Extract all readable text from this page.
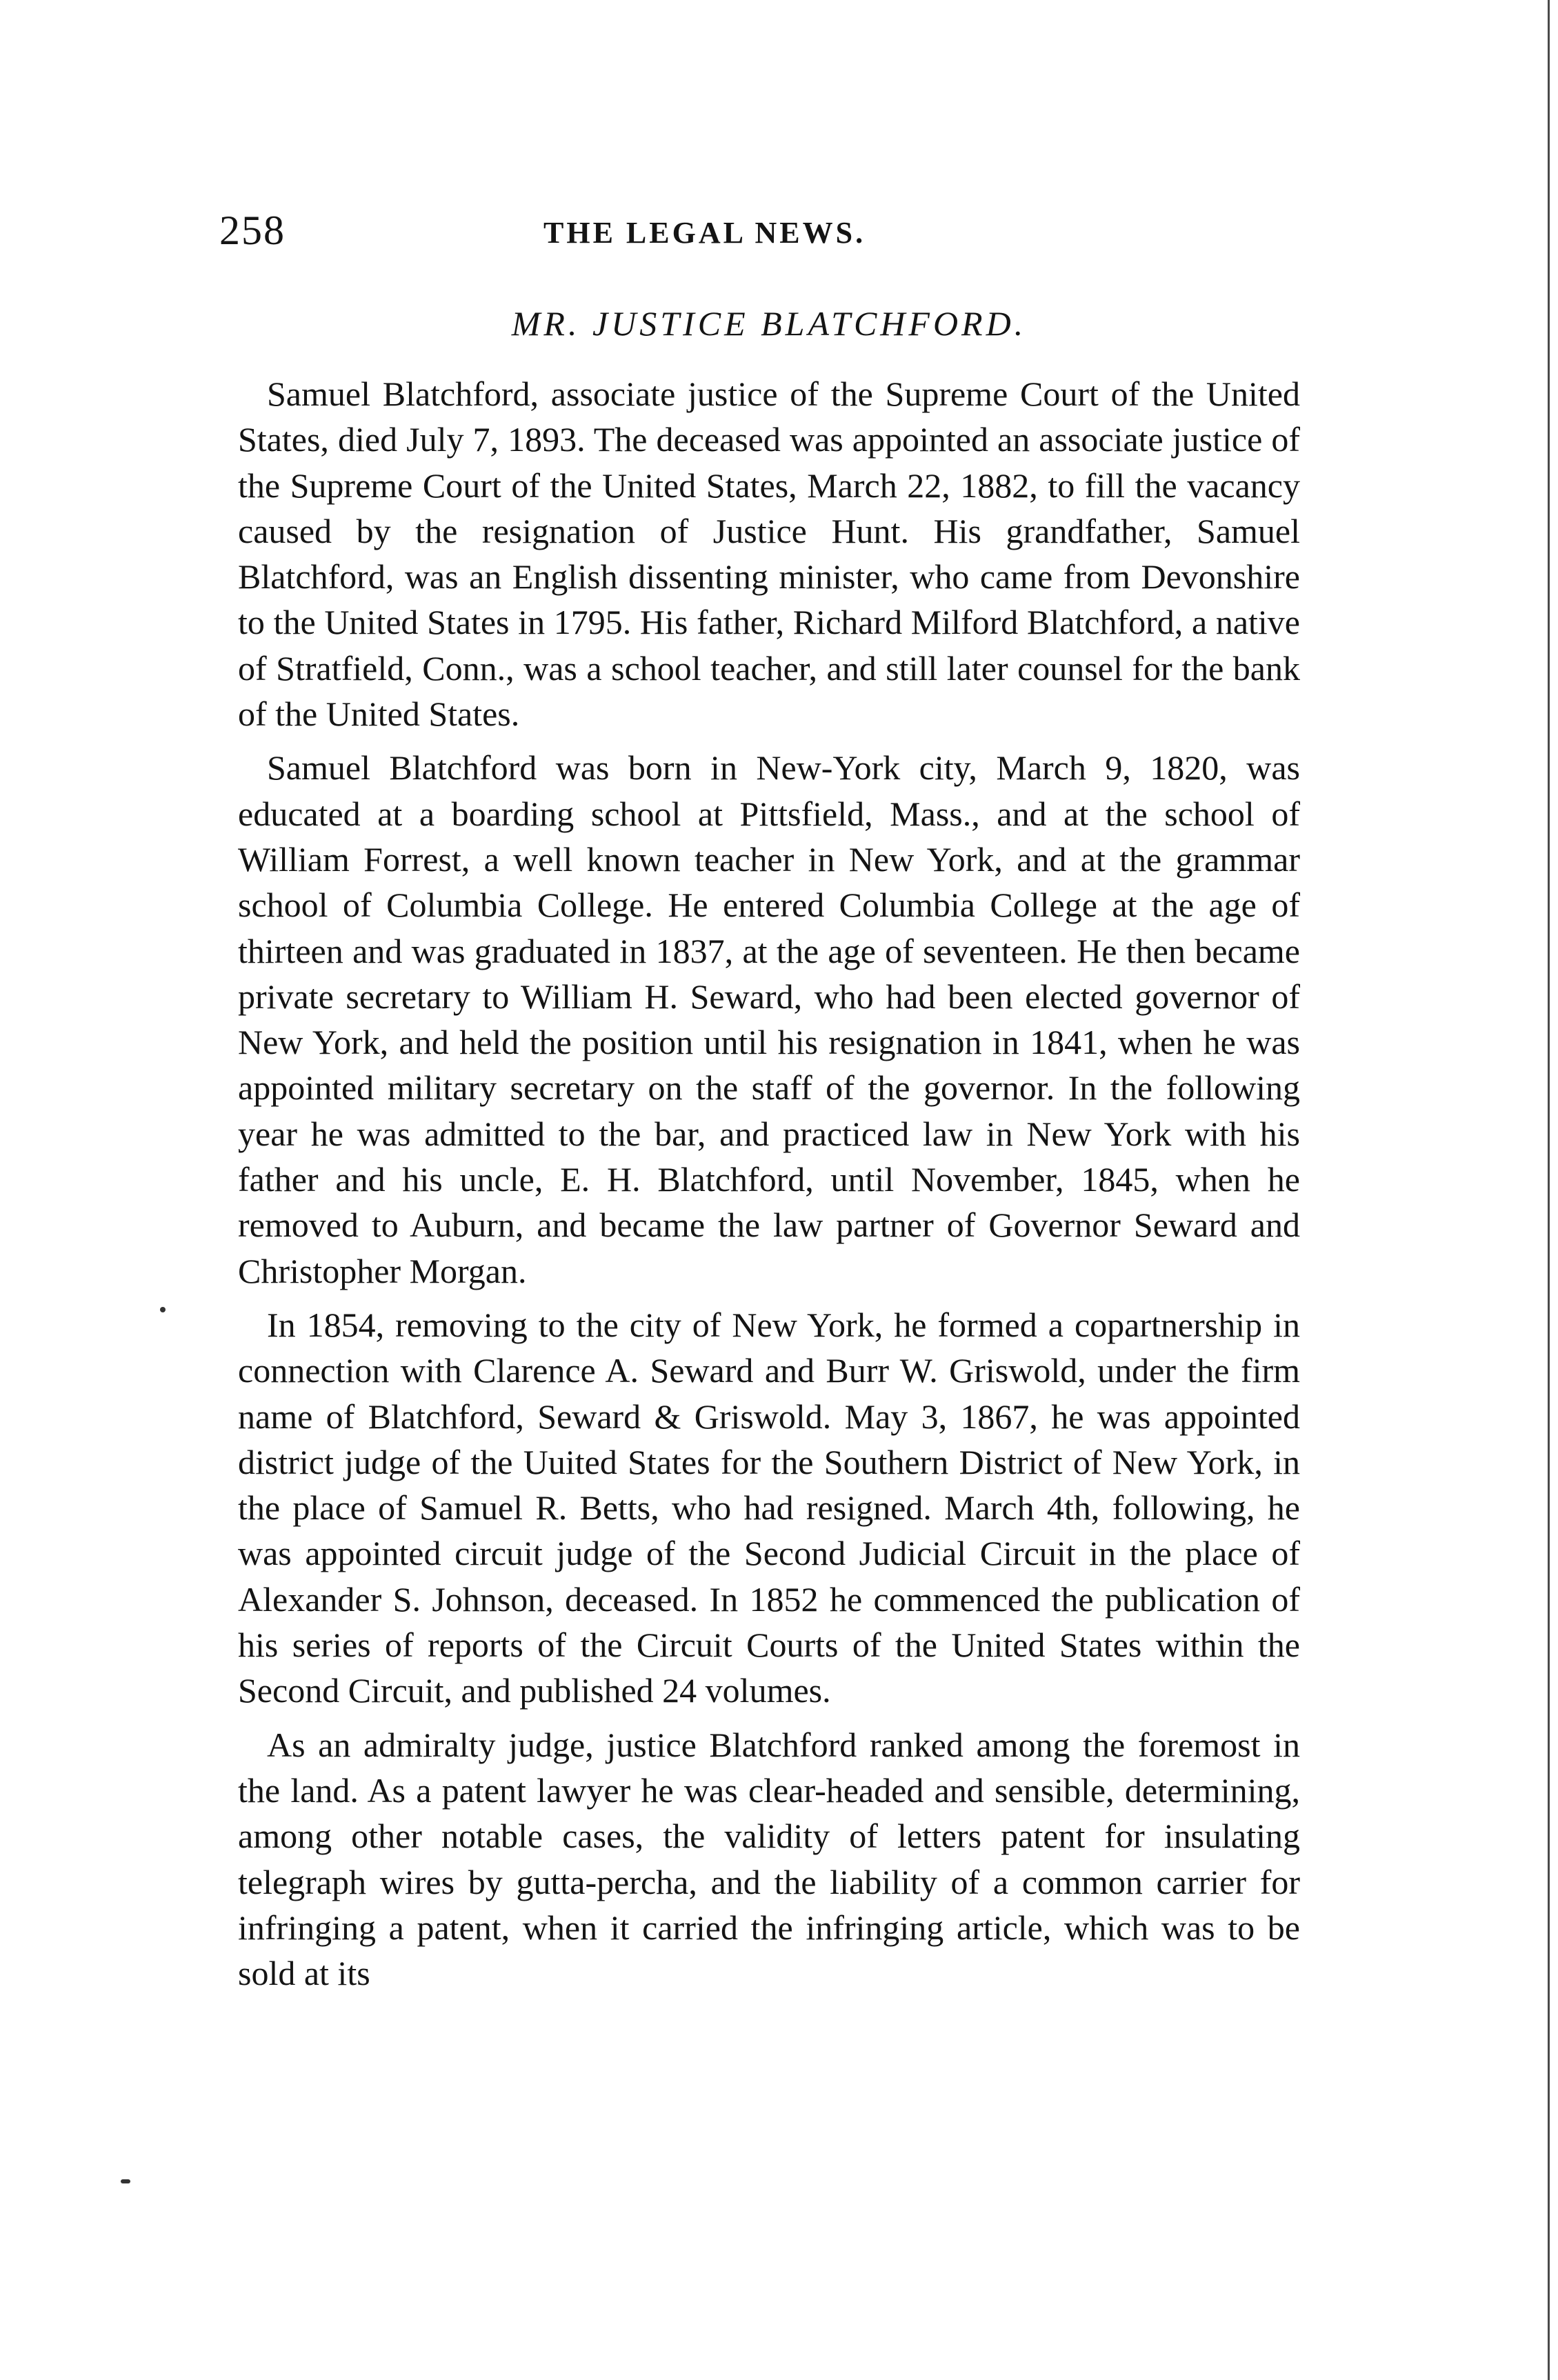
258	THE LEGAL NEWS.
MR. JUSTICE BLATCHFORD.

Samuel Blatchford, associate justice of the Supreme Court of the United States, died July 7, 1893. The deceased was appointed an associate justice of the Supreme Court of the United States, March 22, 1882, to fill the vacancy caused by the resignation of Justice Hunt. His grandfather, Samuel Blatchford, was an English dissenting minister, who came from Devonshire to the United States in 1795. His father, Richard Milford Blatchford, a native of Stratfield, Conn., was a school teacher, and still later counsel for the bank of the United States.

Samuel Blatchford was born in New-York city, March 9, 1820, was educated at a boarding school at Pittsfield, Mass., and at the school of William Forrest, a well known teacher in New York, and at the grammar school of Columbia College. He entered Columbia College at the age of thirteen and was graduated in 1837, at the age of seventeen. He then became private secretary to William H. Seward, who had been elected governor of New York, and held the position until his resignation in 1841, when he was appointed military secretary on the staff of the governor. In the following year he was admitted to the bar, and practiced law in New York with his father and his uncle, E. H. Blatchford, until November, 1845, when he removed to Auburn, and became the law partner of Governor Seward and Christopher Morgan.

In 1854, removing to the city of New York, he formed a copartnership in connection with Clarence A. Seward and Burr W. Griswold, under the firm name of Blatchford, Seward & Griswold. May 3, 1867, he was appointed district judge of the Uuited States for the Southern District of New York, in the place of Samuel R. Betts, who had resigned. March 4th, following, he was appointed circuit judge of the Second Judicial Circuit in the place of Alexander S. Johnson, deceased. In 1852 he commenced the publication of his series of reports of the Circuit Courts of the United States within the Second Circuit, and published 24 volumes.

As an admiralty judge, justice Blatchford ranked among the foremost in the land. As a patent lawyer he was clear-headed and sensible, determining, among other notable cases, the validity of letters patent for insulating telegraph wires by gutta-percha, and the liability of a common carrier for infringing a patent, when it carried the infringing article, which was to be sold at its
